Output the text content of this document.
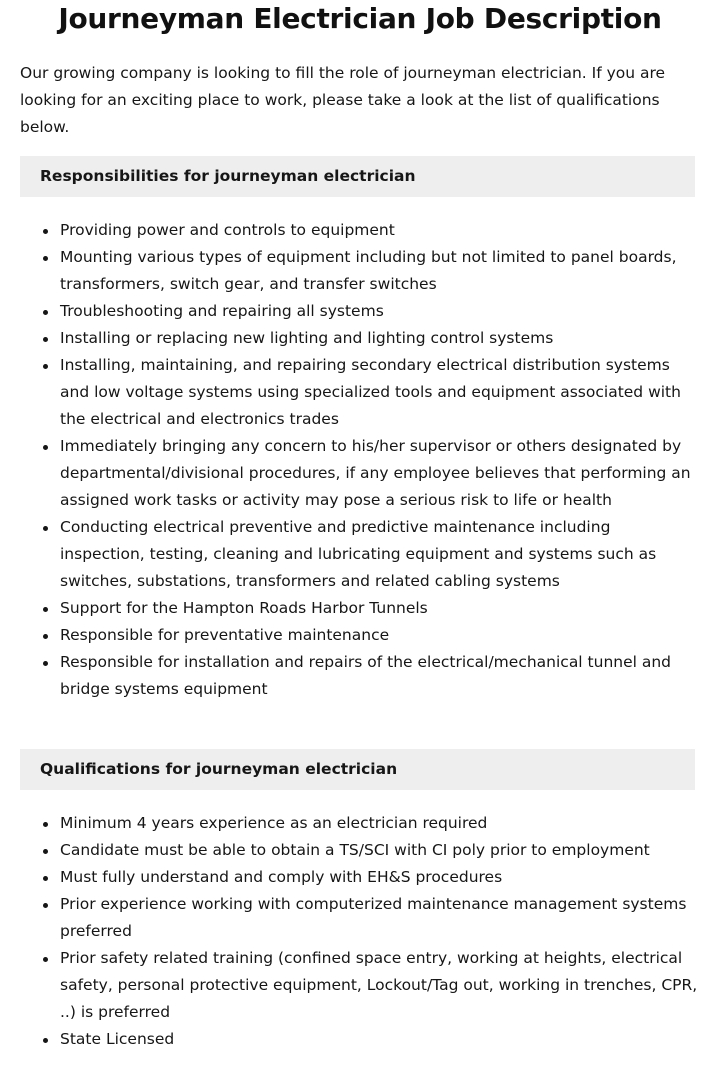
Journeyman Electrician Job Description

Our growing company is looking to fill the role of journeyman electrician. If you are looking for an exciting place to work, please take a look at the list of qualifications below.

Responsibilities for journeyman electrician
Providing power and controls to equipment
Mounting various types of equipment including but not limited to panel boards, transformers, switch gear, and transfer switches
Troubleshooting and repairing all systems
Installing or replacing new lighting and lighting control systems
Installing, maintaining, and repairing secondary electrical distribution systems and low voltage systems using specialized tools and equipment associated with the electrical and electronics trades
Immediately bringing any concern to his/her supervisor or others designated by departmental/divisional procedures, if any employee believes that performing an assigned work tasks or activity may pose a serious risk to life or health
Conducting electrical preventive and predictive maintenance including inspection, testing, cleaning and lubricating equipment and systems such as switches, substations, transformers and related cabling systems
Support for the Hampton Roads Harbor Tunnels
Responsible for preventative maintenance
Responsible for installation and repairs of the electrical/mechanical tunnel and bridge systems equipment
Qualifications for journeyman electrician
Minimum 4 years experience as an electrician required
Candidate must be able to obtain a TS/SCI with CI poly prior to employment
Must fully understand and comply with EH&S procedures
Prior experience working with computerized maintenance management systems preferred
Prior safety related training (confined space entry, working at heights, electrical safety, personal protective equipment, Lockout/Tag out, working in trenches, CPR, ..) is preferred
State Licensed
